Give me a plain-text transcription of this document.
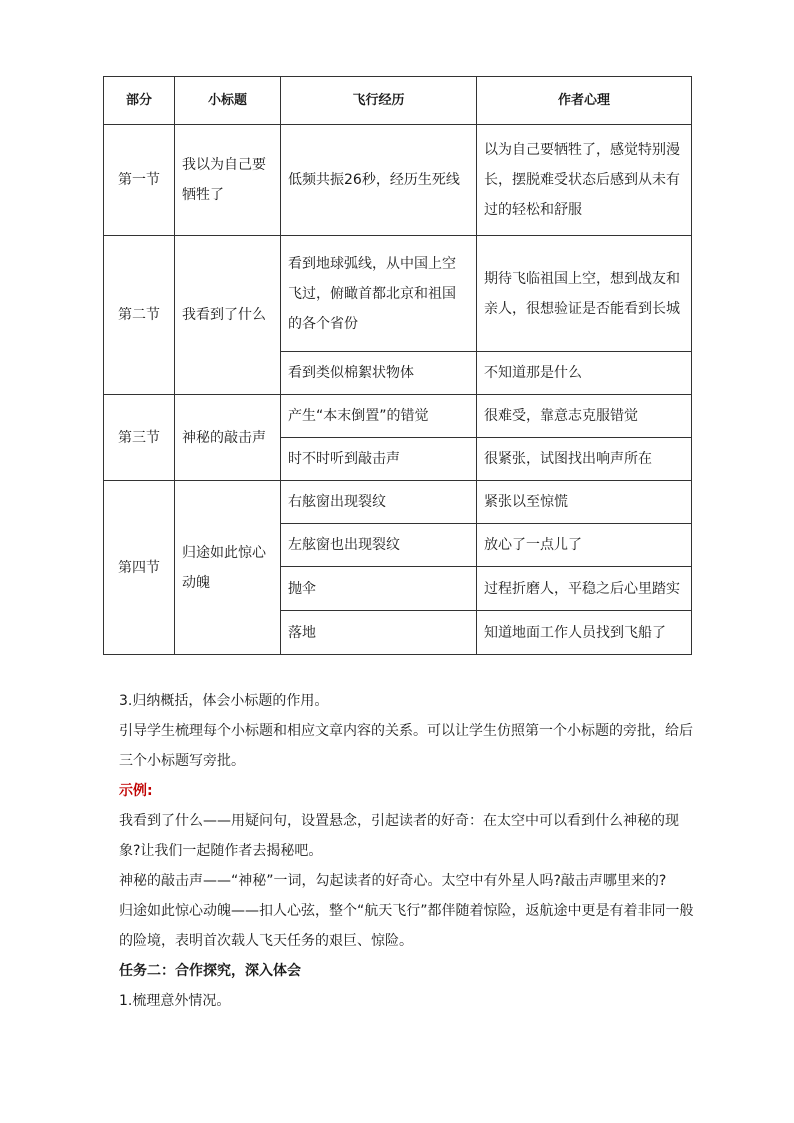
部分	小标题	飞行经历	作者心理
第一节	我以为自己要牺牲了	低频共振26秒，经历生死线	以为自己要牺牲了，感觉特别漫长，摆脱难受状态后感到从未有过的轻松和舒服
第二节	我看到了什么	看到地球弧线，从中国上空飞过，俯瞰首都北京和祖国的各个省份	期待飞临祖国上空，想到战友和亲人，很想验证是否能看到长城
		看到类似棉絮状物体	不知道那是什么
第三节	神秘的敲击声	产生“本末倒置”的错觉	很难受，靠意志克服错觉
		时不时听到敲击声	很紧张，试图找出响声所在
第四节	归途如此惊心动魄	右舷窗出现裂纹	紧张以至惊慌
		左舷窗也出现裂纹	放心了一点儿了
		抛伞	过程折磨人，平稳之后心里踏实
		落地	知道地面工作人员找到飞船了

3.归纳概括，体会小标题的作用。

引导学生梳理每个小标题和相应文章内容的关系。可以让学生仿照第一个小标题的旁批，给后三个小标题写旁批。

示例:

我看到了什么——用疑问句，设置悬念，引起读者的好奇：在太空中可以看到什么神秘的现象?让我们一起随作者去揭秘吧。

神秘的敲击声——“神秘”一词，勾起读者的好奇心。太空中有外星人吗?敲击声哪里来的?

归途如此惊心动魄——扣人心弦，整个“航天飞行”都伴随着惊险，返航途中更是有着非同一般的险境，表明首次载人飞天任务的艰巨、惊险。

任务二：合作探究，深入体会

1.梳理意外情况。
